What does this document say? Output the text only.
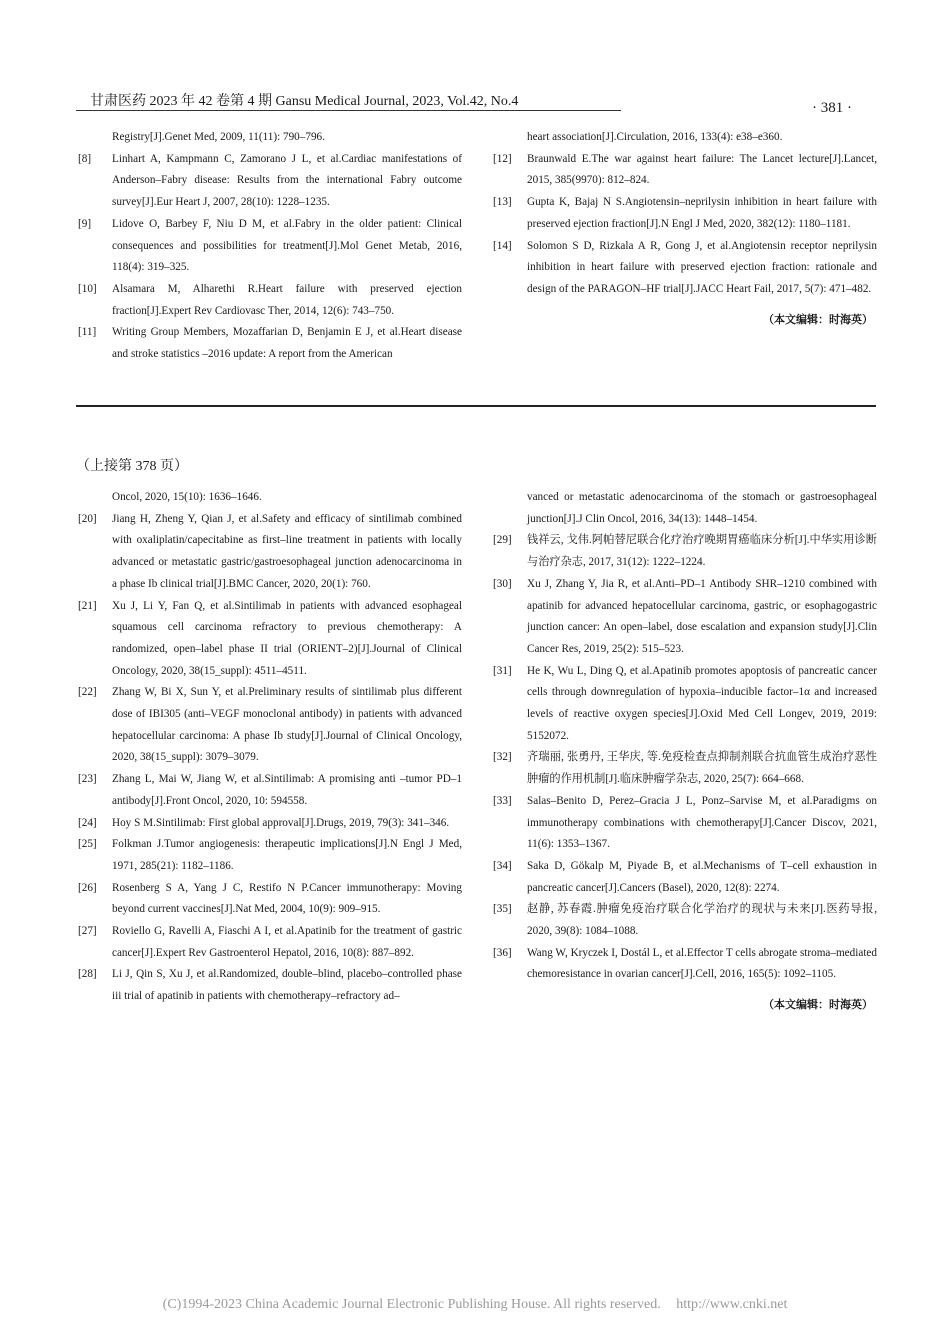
甘肃医药 2023 年 42 卷第 4 期 Gansu Medical Journal, 2023, Vol.42, No.4	· 381 ·
Registry[J].Genet Med, 2009, 11(11): 790–796.
[8] Linhart A, Kampmann C, Zamorano J L, et al.Cardiac manifestations of Anderson–Fabry disease: Results from the international Fabry outcome survey[J].Eur Heart J, 2007, 28(10): 1228–1235.
[9] Lidove O, Barbey F, Niu D M, et al.Fabry in the older patient: Clinical consequences and possibilities for treatment[J].Mol Genet Metab, 2016, 118(4): 319–325.
[10] Alsamara M, Alharethi R.Heart failure with preserved ejection fraction[J].Expert Rev Cardiovasc Ther, 2014, 12(6): 743–750.
[11] Writing Group Members, Mozaffarian D, Benjamin E J, et al.Heart disease and stroke statistics –2016 update: A report from the American
heart association[J].Circulation, 2016, 133(4): e38–e360.
[12] Braunwald E.The war against heart failure: The Lancet lecture[J].Lancet, 2015, 385(9970): 812–824.
[13] Gupta K, Bajaj N S.Angiotensin–neprilysin inhibition in heart failure with preserved ejection fraction[J].N Engl J Med, 2020, 382(12): 1180–1181.
[14] Solomon S D, Rizkala A R, Gong J, et al.Angiotensin receptor neprilysin inhibition in heart failure with preserved ejection fraction: rationale and design of the PARAGON–HF trial[J].JACC Heart Fail, 2017, 5(7): 471–482.
（本文编辑：时海英）
（上接第 378 页）
Oncol, 2020, 15(10): 1636–1646.
[20] Jiang H, Zheng Y, Qian J, et al.Safety and efficacy of sintilimab combined with oxaliplatin/capecitabine as first–line treatment in patients with locally advanced or metastatic gastric/gastroesophageal junction adenocarcinoma in a phase Ib clinical trial[J].BMC Cancer, 2020, 20(1): 760.
[21] Xu J, Li Y, Fan Q, et al.Sintilimab in patients with advanced esophageal squamous cell carcinoma refractory to previous chemotherapy: A randomized, open–label phase II trial (ORIENT–2)[J].Journal of Clinical Oncology, 2020, 38(15_suppl): 4511–4511.
[22] Zhang W, Bi X, Sun Y, et al.Preliminary results of sintilimab plus different dose of IBI305 (anti–VEGF monoclonal antibody) in patients with advanced hepatocellular carcinoma: A phase Ib study[J].Journal of Clinical Oncology, 2020, 38(15_suppl): 3079–3079.
[23] Zhang L, Mai W, Jiang W, et al.Sintilimab: A promising anti –tumor PD–1 antibody[J].Front Oncol, 2020, 10: 594558.
[24] Hoy S M.Sintilimab: First global approval[J].Drugs, 2019, 79(3): 341–346.
[25] Folkman J.Tumor angiogenesis: therapeutic implications[J].N Engl J Med, 1971, 285(21): 1182–1186.
[26] Rosenberg S A, Yang J C, Restifo N P.Cancer immunotherapy: Moving beyond current vaccines[J].Nat Med, 2004, 10(9): 909–915.
[27] Roviello G, Ravelli A, Fiaschi A I, et al.Apatinib for the treatment of gastric cancer[J].Expert Rev Gastroenterol Hepatol, 2016, 10(8): 887–892.
[28] Li J, Qin S, Xu J, et al.Randomized, double–blind, placebo–controlled phase iii trial of apatinib in patients with chemotherapy–refractory ad–
vanced or metastatic adenocarcinoma of the stomach or gastroesophageal junction[J].J Clin Oncol, 2016, 34(13): 1448–1454.
[29] 钱祥云, 戈伟.阿帕替尼联合化疗治疗晚期胃癌临床分析[J].中华实用诊断与治疗杂志, 2017, 31(12): 1222–1224.
[30] Xu J, Zhang Y, Jia R, et al.Anti–PD–1 Antibody SHR–1210 combined with apatinib for advanced hepatocellular carcinoma, gastric, or esophagogastric junction cancer: An open–label, dose escalation and expansion study[J].Clin Cancer Res, 2019, 25(2): 515–523.
[31] He K, Wu L, Ding Q, et al.Apatinib promotes apoptosis of pancreatic cancer cells through downregulation of hypoxia–inducible factor–1α and increased levels of reactive oxygen species[J].Oxid Med Cell Longev, 2019, 2019: 5152072.
[32] 齐瑞丽, 张勇丹, 王华庆, 等.免疫检查点抑制剂联合抗血管生成治疗恶性肿瘤的作用机制[J].临床肿瘤学杂志, 2020, 25(7): 664–668.
[33] Salas–Benito D, Perez–Gracia J L, Ponz–Sarvise M, et al.Paradigms on immunotherapy combinations with chemotherapy[J].Cancer Discov, 2021, 11(6): 1353–1367.
[34] Saka D, Gökalp M, Piyade B, et al.Mechanisms of T–cell exhaustion in pancreatic cancer[J].Cancers (Basel), 2020, 12(8): 2274.
[35] 赵静, 苏春霞.肿瘤免疫治疗联合化学治疗的现状与未来[J].医药导报, 2020, 39(8): 1084–1088.
[36] Wang W, Kryczek I, Dostál L, et al.Effector T cells abrogate stroma–mediated chemoresistance in ovarian cancer[J].Cell, 2016, 165(5): 1092–1105.
（本文编辑：时海英）
(C)1994-2023 China Academic Journal Electronic Publishing House. All rights reserved. http://www.cnki.net
